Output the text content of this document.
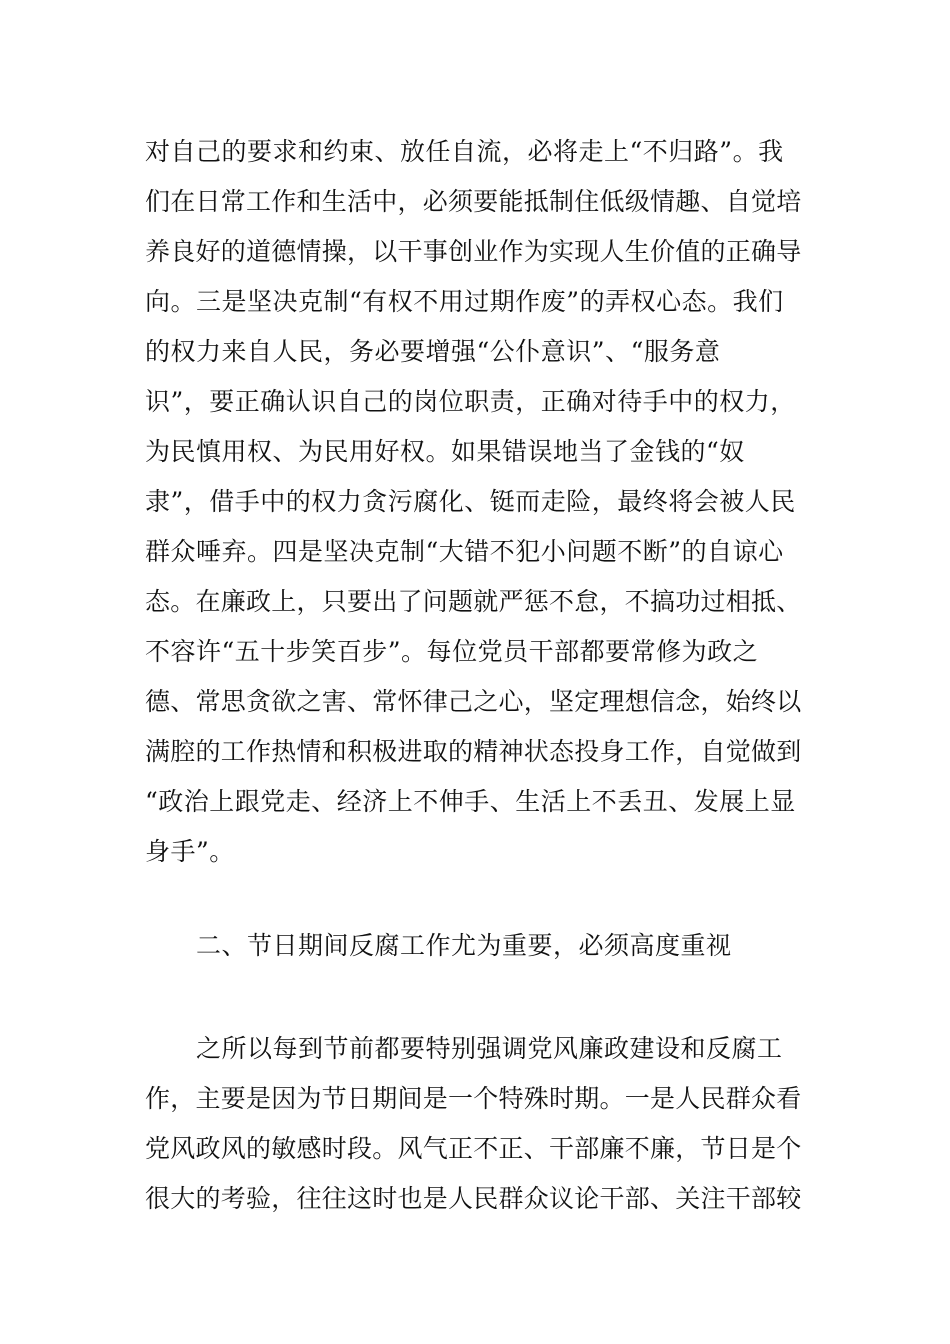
对自己的要求和约束、放任自流，必将走上“不归路”。我
们在日常工作和生活中，必须要能抵制住低级情趣、自觉培
养良好的道德情操，以干事创业作为实现人生价值的正确导
向。三是坚决克制“有权不用过期作废”的弄权心态。我们
的权力来自人民，务必要增强“公仆意识”、“服务意
识”，要正确认识自己的岗位职责，正确对待手中的权力，
为民慎用权、为民用好权。如果错误地当了金钱的“奴
隶”，借手中的权力贪污腐化、铤而走险，最终将会被人民
群众唾弃。四是坚决克制“大错不犯小问题不断”的自谅心
态。在廉政上，只要出了问题就严惩不怠，不搞功过相抵、
不容许“五十步笑百步”。每位党员干部都要常修为政之
德、常思贪欲之害、常怀律己之心，坚定理想信念，始终以
满腔的工作热情和积极进取的精神状态投身工作，自觉做到
“政治上跟党走、经济上不伸手、生活上不丢丑、发展上显
身手”。
二、节日期间反腐工作尤为重要，必须高度重视
之所以每到节前都要特别强调党风廉政建设和反腐工
作，主要是因为节日期间是一个特殊时期。一是人民群众看
党风政风的敏感时段。风气正不正、干部廉不廉，节日是个
很大的考验，往往这时也是人民群众议论干部、关注干部较
